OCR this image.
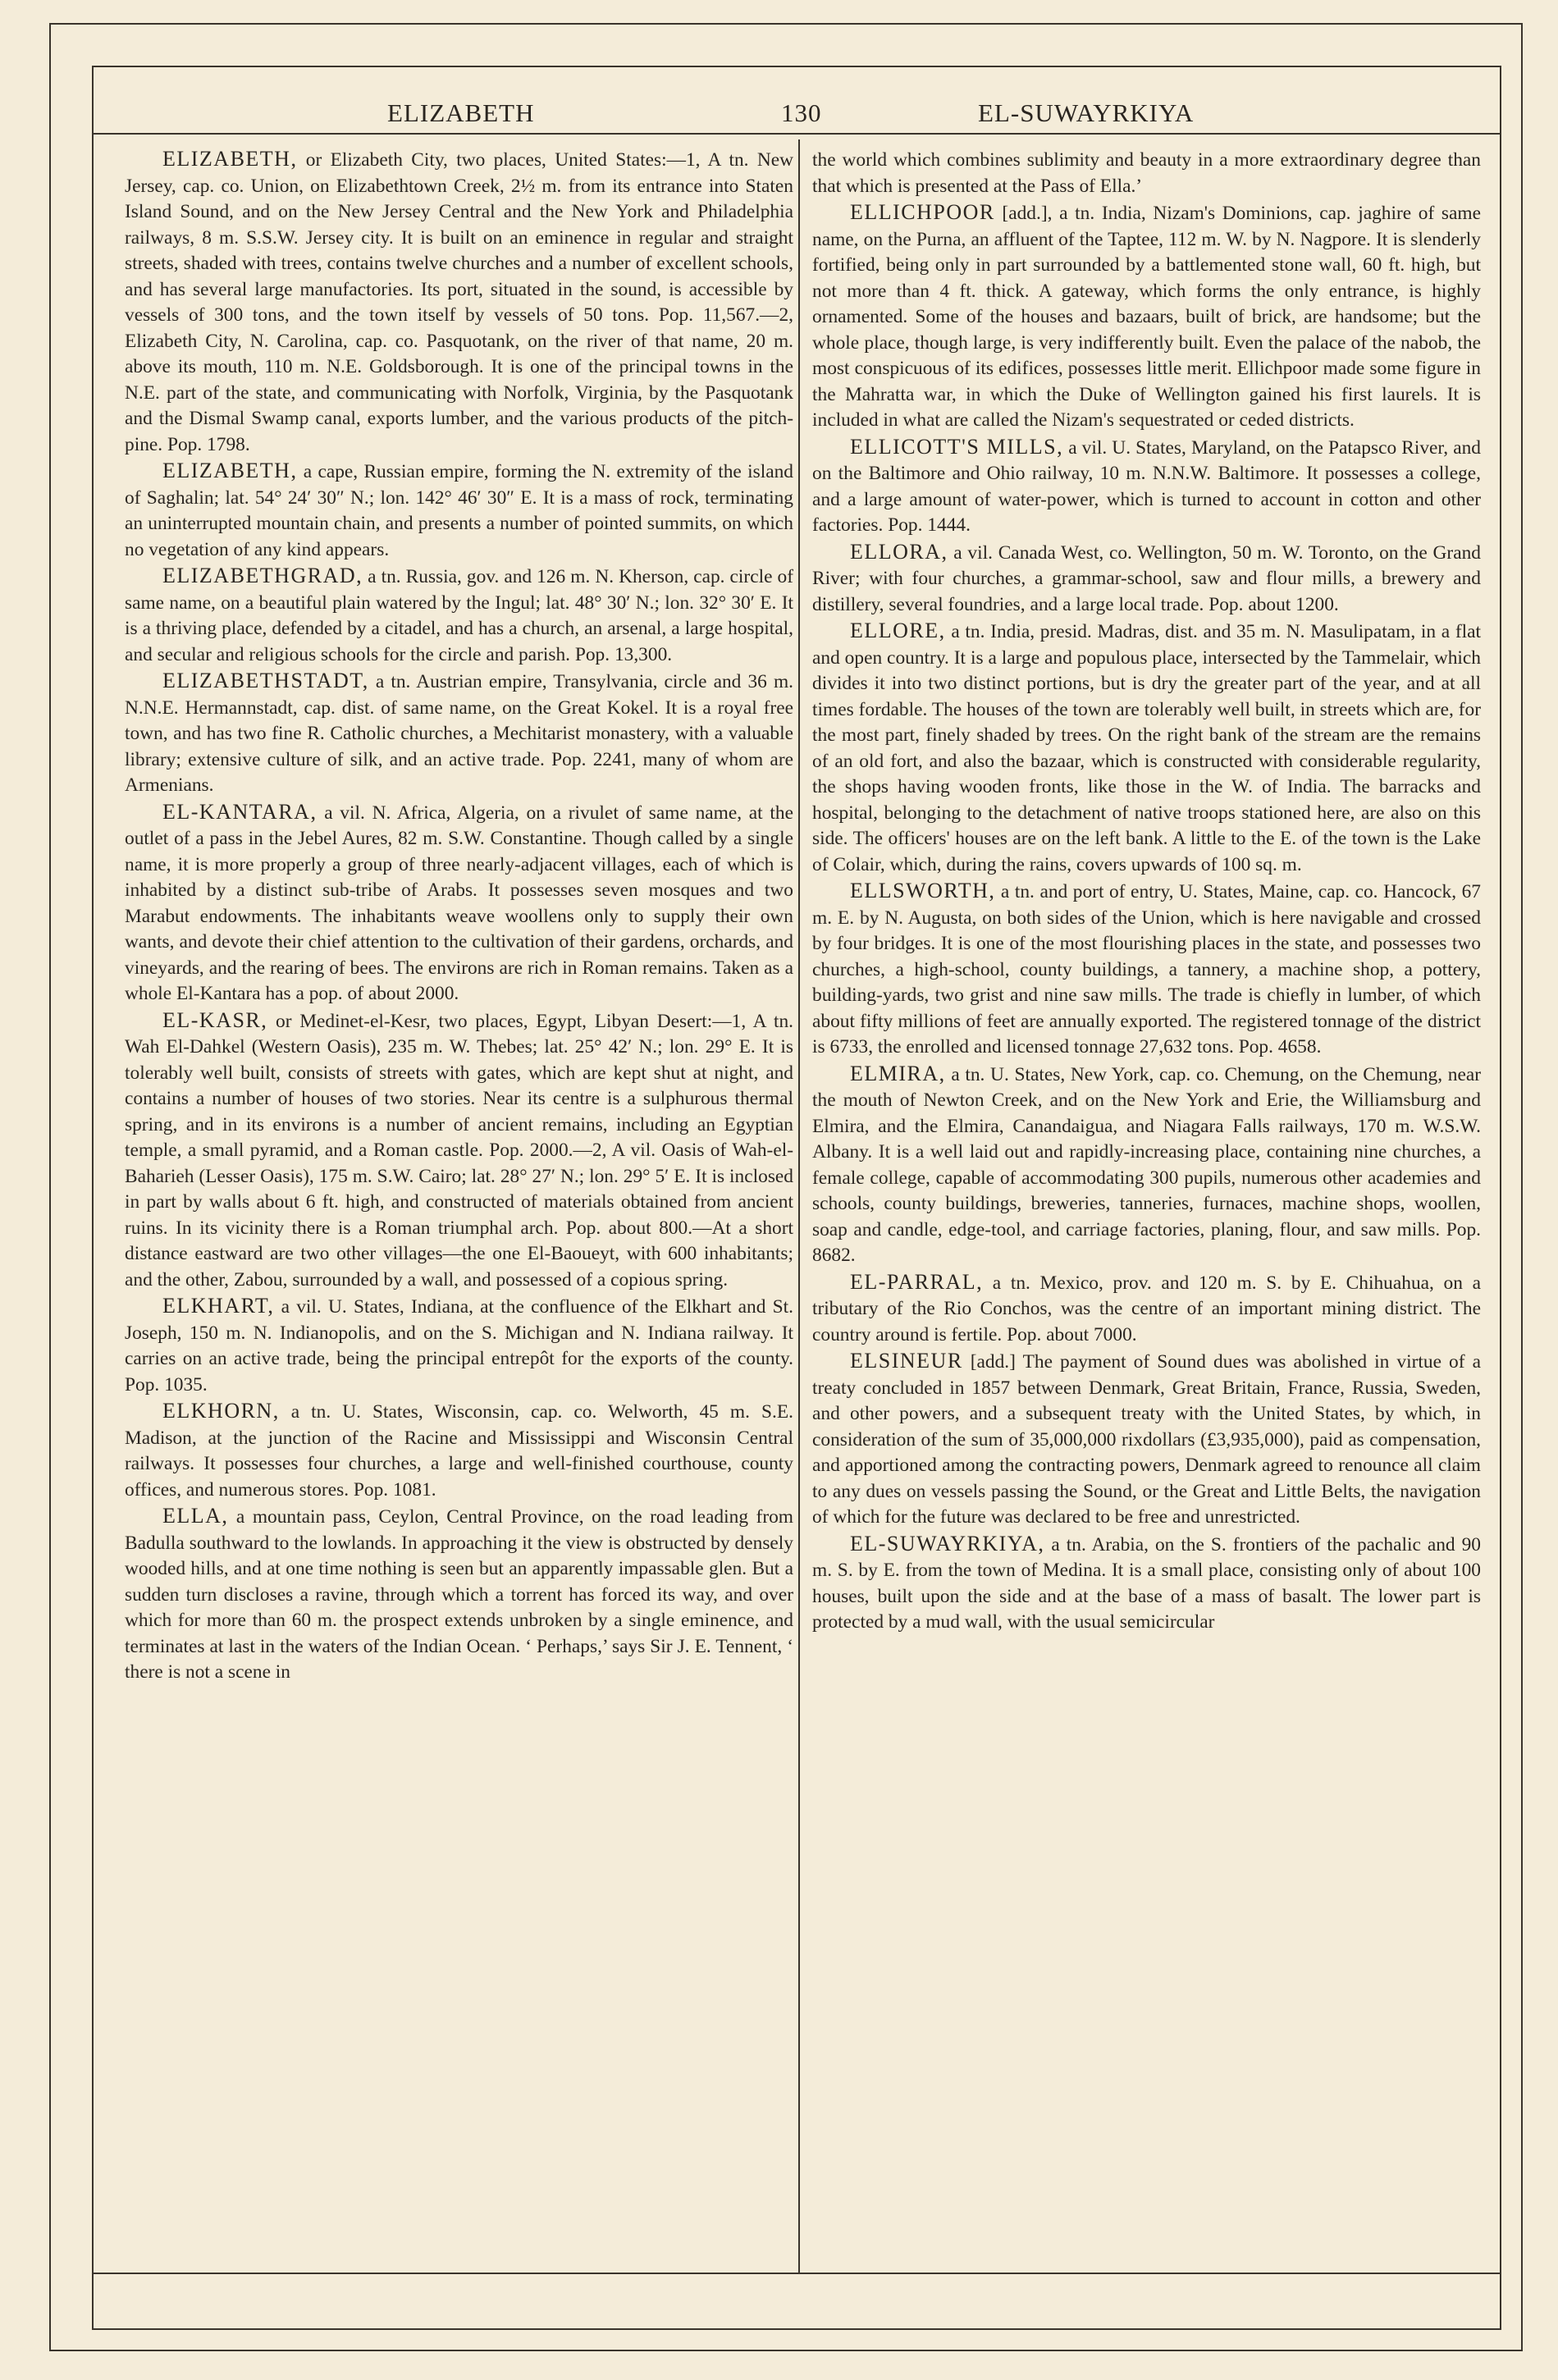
ELIZABETH	130	EL-SUWAYRKIYA

ELIZABETH, or Elizabeth City, two places, United States:—1, A tn. New Jersey, cap. co. Union, on Elizabethtown Creek, 2½ m. from its entrance into Staten Island Sound, and on the New Jersey Central and the New York and Philadelphia railways, 8 m. S.S.W. Jersey city. It is built on an eminence in regular and straight streets, shaded with trees, contains twelve churches and a number of excellent schools, and has several large manufactories. Its port, situated in the sound, is accessible by vessels of 300 tons, and the town itself by vessels of 50 tons. Pop. 11,567.—2, Elizabeth City, N. Carolina, cap. co. Pasquotank, on the river of that name, 20 m. above its mouth, 110 m. N.E. Goldsborough. It is one of the principal towns in the N.E. part of the state, and communicating with Norfolk, Virginia, by the Pasquotank and the Dismal Swamp canal, exports lumber, and the various products of the pitch-pine. Pop. 1798.

ELIZABETH, a cape, Russian empire, forming the N. extremity of the island of Saghalin; lat. 54° 24′ 30″ N.; lon. 142° 46′ 30″ E. It is a mass of rock, terminating an uninterrupted mountain chain, and presents a number of pointed summits, on which no vegetation of any kind appears.

ELIZABETHGRAD, a tn. Russia, gov. and 126 m. N. Kherson, cap. circle of same name, on a beautiful plain watered by the Ingul; lat. 48° 30′ N.; lon. 32° 30′ E. It is a thriving place, defended by a citadel, and has a church, an arsenal, a large hospital, and secular and religious schools for the circle and parish. Pop. 13,300.

ELIZABETHSTADT, a tn. Austrian empire, Transylvania, circle and 36 m. N.N.E. Hermannstadt, cap. dist. of same name, on the Great Kokel. It is a royal free town, and has two fine R. Catholic churches, a Mechitarist monastery, with a valuable library; extensive culture of silk, and an active trade. Pop. 2241, many of whom are Armenians.

EL-KANTARA, a vil. N. Africa, Algeria, on a rivulet of same name, at the outlet of a pass in the Jebel Aures, 82 m. S.W. Constantine. Though called by a single name, it is more properly a group of three nearly-adjacent villages, each of which is inhabited by a distinct sub-tribe of Arabs. It possesses seven mosques and two Marabut endowments. The inhabitants weave woollens only to supply their own wants, and devote their chief attention to the cultivation of their gardens, orchards, and vineyards, and the rearing of bees. The environs are rich in Roman remains. Taken as a whole El-Kantara has a pop. of about 2000.

EL-KASR, or Medinet-el-Kesr, two places, Egypt, Libyan Desert:—1, A tn. Wah El-Dahkel (Western Oasis), 235 m. W. Thebes; lat. 25° 42′ N.; lon. 29° E. It is tolerably well built, consists of streets with gates, which are kept shut at night, and contains a number of houses of two stories. Near its centre is a sulphurous thermal spring, and in its environs is a number of ancient remains, including an Egyptian temple, a small pyramid, and a Roman castle. Pop. 2000.—2, A vil. Oasis of Wah-el-Baharieh (Lesser Oasis), 175 m. S.W. Cairo; lat. 28° 27′ N.; lon. 29° 5′ E. It is inclosed in part by walls about 6 ft. high, and constructed of materials obtained from ancient ruins. In its vicinity there is a Roman triumphal arch. Pop. about 800.—At a short distance eastward are two other villages—the one El-Baoueyt, with 600 inhabitants; and the other, Zabou, surrounded by a wall, and possessed of a copious spring.

ELKHART, a vil. U. States, Indiana, at the confluence of the Elkhart and St. Joseph, 150 m. N. Indianopolis, and on the S. Michigan and N. Indiana railway. It carries on an active trade, being the principal entrepôt for the exports of the county. Pop. 1035.

ELKHORN, a tn. U. States, Wisconsin, cap. co. Welworth, 45 m. S.E. Madison, at the junction of the Racine and Mississippi and Wisconsin Central railways. It possesses four churches, a large and well-finished courthouse, county offices, and numerous stores. Pop. 1081.

ELLA, a mountain pass, Ceylon, Central Province, on the road leading from Badulla southward to the lowlands. In approaching it the view is obstructed by densely wooded hills, and at one time nothing is seen but an apparently impassable glen. But a sudden turn discloses a ravine, through which a torrent has forced its way, and over which for more than 60 m. the prospect extends unbroken by a single eminence, and terminates at last in the waters of the Indian Ocean. ‘ Perhaps,’ says Sir J. E. Tennent, ‘ there is not a scene in

the world which combines sublimity and beauty in a more extraordinary degree than that which is presented at the Pass of Ella.’

ELLICHPOOR [add.], a tn. India, Nizam's Dominions, cap. jaghire of same name, on the Purna, an affluent of the Taptee, 112 m. W. by N. Nagpore. It is slenderly fortified, being only in part surrounded by a battlemented stone wall, 60 ft. high, but not more than 4 ft. thick. A gateway, which forms the only entrance, is highly ornamented. Some of the houses and bazaars, built of brick, are handsome; but the whole place, though large, is very indifferently built. Even the palace of the nabob, the most conspicuous of its edifices, possesses little merit. Ellichpoor made some figure in the Mahratta war, in which the Duke of Wellington gained his first laurels. It is included in what are called the Nizam's sequestrated or ceded districts.

ELLICOTT'S MILLS, a vil. U. States, Maryland, on the Patapsco River, and on the Baltimore and Ohio railway, 10 m. N.N.W. Baltimore. It possesses a college, and a large amount of water-power, which is turned to account in cotton and other factories. Pop. 1444.

ELLORA, a vil. Canada West, co. Wellington, 50 m. W. Toronto, on the Grand River; with four churches, a grammar-school, saw and flour mills, a brewery and distillery, several foundries, and a large local trade. Pop. about 1200.

ELLORE, a tn. India, presid. Madras, dist. and 35 m. N. Masulipatam, in a flat and open country. It is a large and populous place, intersected by the Tammelair, which divides it into two distinct portions, but is dry the greater part of the year, and at all times fordable. The houses of the town are tolerably well built, in streets which are, for the most part, finely shaded by trees. On the right bank of the stream are the remains of an old fort, and also the bazaar, which is constructed with considerable regularity, the shops having wooden fronts, like those in the W. of India. The barracks and hospital, belonging to the detachment of native troops stationed here, are also on this side. The officers' houses are on the left bank. A little to the E. of the town is the Lake of Colair, which, during the rains, covers upwards of 100 sq. m.

ELLSWORTH, a tn. and port of entry, U. States, Maine, cap. co. Hancock, 67 m. E. by N. Augusta, on both sides of the Union, which is here navigable and crossed by four bridges. It is one of the most flourishing places in the state, and possesses two churches, a high-school, county buildings, a tannery, a machine shop, a pottery, building-yards, two grist and nine saw mills. The trade is chiefly in lumber, of which about fifty millions of feet are annually exported. The registered tonnage of the district is 6733, the enrolled and licensed tonnage 27,632 tons. Pop. 4658.

ELMIRA, a tn. U. States, New York, cap. co. Chemung, on the Chemung, near the mouth of Newton Creek, and on the New York and Erie, the Williamsburg and Elmira, and the Elmira, Canandaigua, and Niagara Falls railways, 170 m. W.S.W. Albany. It is a well laid out and rapidly-increasing place, containing nine churches, a female college, capable of accommodating 300 pupils, numerous other academies and schools, county buildings, breweries, tanneries, furnaces, machine shops, woollen, soap and candle, edge-tool, and carriage factories, planing, flour, and saw mills. Pop. 8682.

EL-PARRAL, a tn. Mexico, prov. and 120 m. S. by E. Chihuahua, on a tributary of the Rio Conchos, was the centre of an important mining district. The country around is fertile. Pop. about 7000.

ELSINEUR [add.] The payment of Sound dues was abolished in virtue of a treaty concluded in 1857 between Denmark, Great Britain, France, Russia, Sweden, and other powers, and a subsequent treaty with the United States, by which, in consideration of the sum of 35,000,000 rixdollars (£3,935,000), paid as compensation, and apportioned among the contracting powers, Denmark agreed to renounce all claim to any dues on vessels passing the Sound, or the Great and Little Belts, the navigation of which for the future was declared to be free and unrestricted.

EL-SUWAYRKIYA, a tn. Arabia, on the S. frontiers of the pachalic and 90 m. S. by E. from the town of Medina. It is a small place, consisting only of about 100 houses, built upon the side and at the base of a mass of basalt. The lower part is protected by a mud wall, with the usual semicircular
